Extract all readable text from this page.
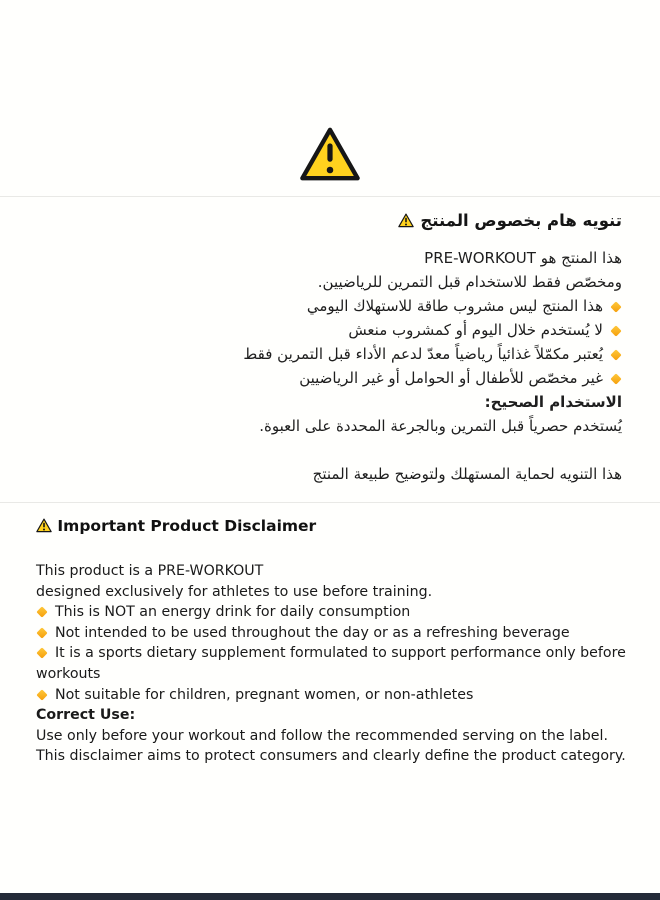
تنويه هام بخصوص المنتج

هذا المنتج هو PRE-WORKOUT

ومخصّص فقط للاستخدام قبل التمرين للرياضيين.

هذا المنتج ليس مشروب طاقة للاستهلاك اليومي

لا يُستخدم خلال اليوم أو كمشروب منعش

يُعتبر مكمّلاً غذائياً رياضياً معدّ لدعم الأداء قبل التمرين فقط

غير مخصّص للأطفال أو الحوامل أو غير الرياضيين

الاستخدام الصحيح:

يُستخدم حصرياً قبل التمرين وبالجرعة المحددة على العبوة.

هذا التنويه لحماية المستهلك ولتوضيح طبيعة المنتج

Important Product Disclaimer

This product is a PRE-WORKOUT

designed exclusively for athletes to use before training.

This is NOT an energy drink for daily consumption

Not intended to be used throughout the day or as a refreshing beverage

It is a sports dietary supplement formulated to support performance only before workouts

Not suitable for children, pregnant women, or non-athletes

Correct Use:

Use only before your workout and follow the recommended serving on the label.

This disclaimer aims to protect consumers and clearly define the product category.
